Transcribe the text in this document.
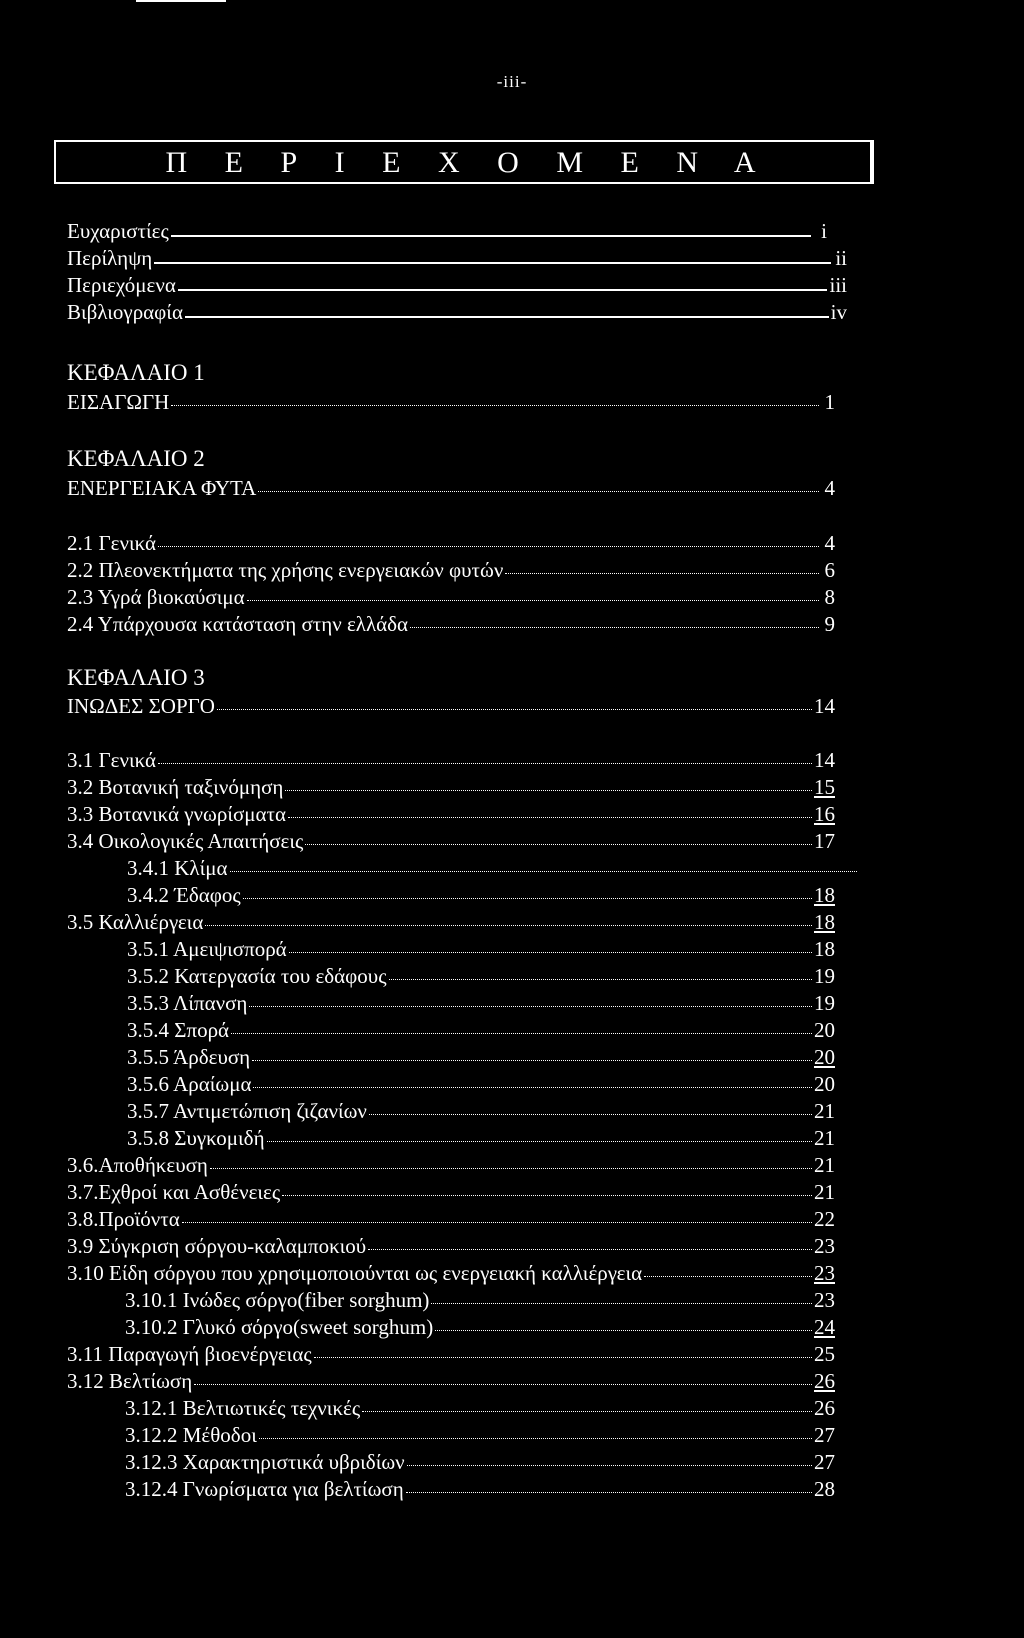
-iii-
Π Ε Ρ Ι Ε Χ Ο Μ Ε Ν Α
Ευχαριστίες	i
Περίληψη	ii
Περιεχόμενα	iii
Βιβλιογραφία	iv
ΚΕΦΑΛΑΙΟ 1
ΕΙΣΑΓΩΓΗ	1
ΚΕΦΑΛΑΙΟ 2
ΕΝΕΡΓΕΙΑΚΑ ΦΥΤΑ	4
2.1 Γενικά	4
2.2 Πλεονεκτήματα της χρήσης ενεργειακών φυτών	6
2.3 Υγρά βιοκαύσιμα	8
2.4 Υπάρχουσα κατάσταση στην ελλάδα	9
ΚΕΦΑΛΑΙΟ 3
ΙΝΩΔΕΣ ΣΟΡΓΟ	14
3.1 Γενικά	14
3.2 Βοτανική ταξινόμηση	15
3.3 Βοτανικά γνωρίσματα	16
3.4 Οικολογικές Απαιτήσεις	17
3.4.1 Κλίμα
3.4.2 Έδαφος	18
3.5 Καλλιέργεια	18
3.5.1 Αμειψισπορά	18
3.5.2 Κατεργασία του εδάφους	19
3.5.3 Λίπανση	19
3.5.4 Σπορά	20
3.5.5 Άρδευση	20
3.5.6 Αραίωμα	20
3.5.7 Αντιμετώπιση ζιζανίων	21
3.5.8 Συγκομιδή	21
3.6.Αποθήκευση	21
3.7.Εχθροί και Ασθένειες	21
3.8.Προϊόντα	22
3.9 Σύγκριση σόργου-καλαμποκιού	23
3.10 Είδη σόργου που χρησιμοποιούνται ως ενεργειακή καλλιέργεια	23
3.10.1 Ινώδες σόργο(fiber sorghum)	23
3.10.2 Γλυκό σόργο(sweet sorghum)	24
3.11 Παραγωγή βιοενέργειας	25
3.12 Βελτίωση	26
3.12.1 Βελτιωτικές τεχνικές	26
3.12.2 Μέθοδοι	27
3.12.3 Χαρακτηριστικά υβριδίων	27
3.12.4 Γνωρίσματα για βελτίωση	28
